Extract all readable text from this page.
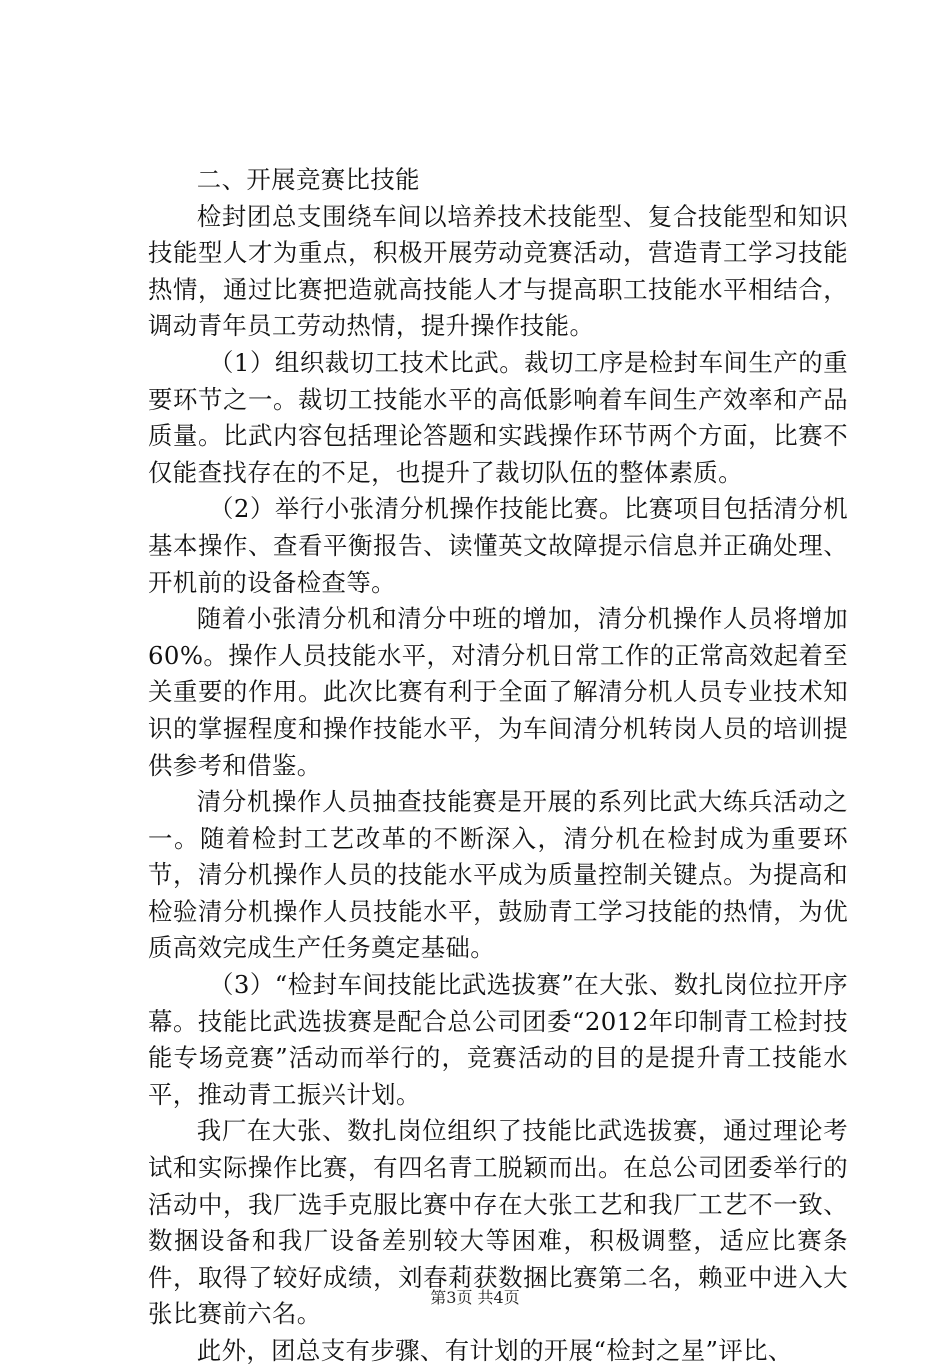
二、开展竞赛比技能

检封团总支围绕车间以培养技术技能型、复合技能型和知识技能型人才为重点，积极开展劳动竞赛活动，营造青工学习技能热情，通过比赛把造就高技能人才与提高职工技能水平相结合，调动青年员工劳动热情，提升操作技能。

（1）组织裁切工技术比武。裁切工序是检封车间生产的重要环节之一。裁切工技能水平的高低影响着车间生产效率和产品质量。比武内容包括理论答题和实践操作环节两个方面，比赛不仅能查找存在的不足，也提升了裁切队伍的整体素质。

（2）举行小张清分机操作技能比赛。比赛项目包括清分机基本操作、查看平衡报告、读懂英文故障提示信息并正确处理、开机前的设备检查等。

随着小张清分机和清分中班的增加，清分机操作人员将增加60%。操作人员技能水平，对清分机日常工作的正常高效起着至关重要的作用。此次比赛有利于全面了解清分机人员专业技术知识的掌握程度和操作技能水平，为车间清分机转岗人员的培训提供参考和借鉴。

清分机操作人员抽查技能赛是开展的系列比武大练兵活动之一。随着检封工艺改革的不断深入，清分机在检封成为重要环节，清分机操作人员的技能水平成为质量控制关键点。为提高和检验清分机操作人员技能水平，鼓励青工学习技能的热情，为优质高效完成生产任务奠定基础。

（3）“检封车间技能比武选拔赛”在大张、数扎岗位拉开序幕。技能比武选拔赛是配合总公司团委“2012年印制青工检封技能专场竞赛”活动而举行的，竞赛活动的目的是提升青工技能水平，推动青工振兴计划。

我厂在大张、数扎岗位组织了技能比武选拔赛，通过理论考试和实际操作比赛，有四名青工脱颖而出。在总公司团委举行的活动中，我厂选手克服比赛中存在大张工艺和我厂工艺不一致、数捆设备和我厂设备差别较大等困难，积极调整，适应比赛条件，取得了较好成绩，刘春莉获数捆比赛第二名，赖亚中进入大张比赛前六名。

此外，团总支有步骤、有计划的开展“检封之星”评比、

第3页 共4页
